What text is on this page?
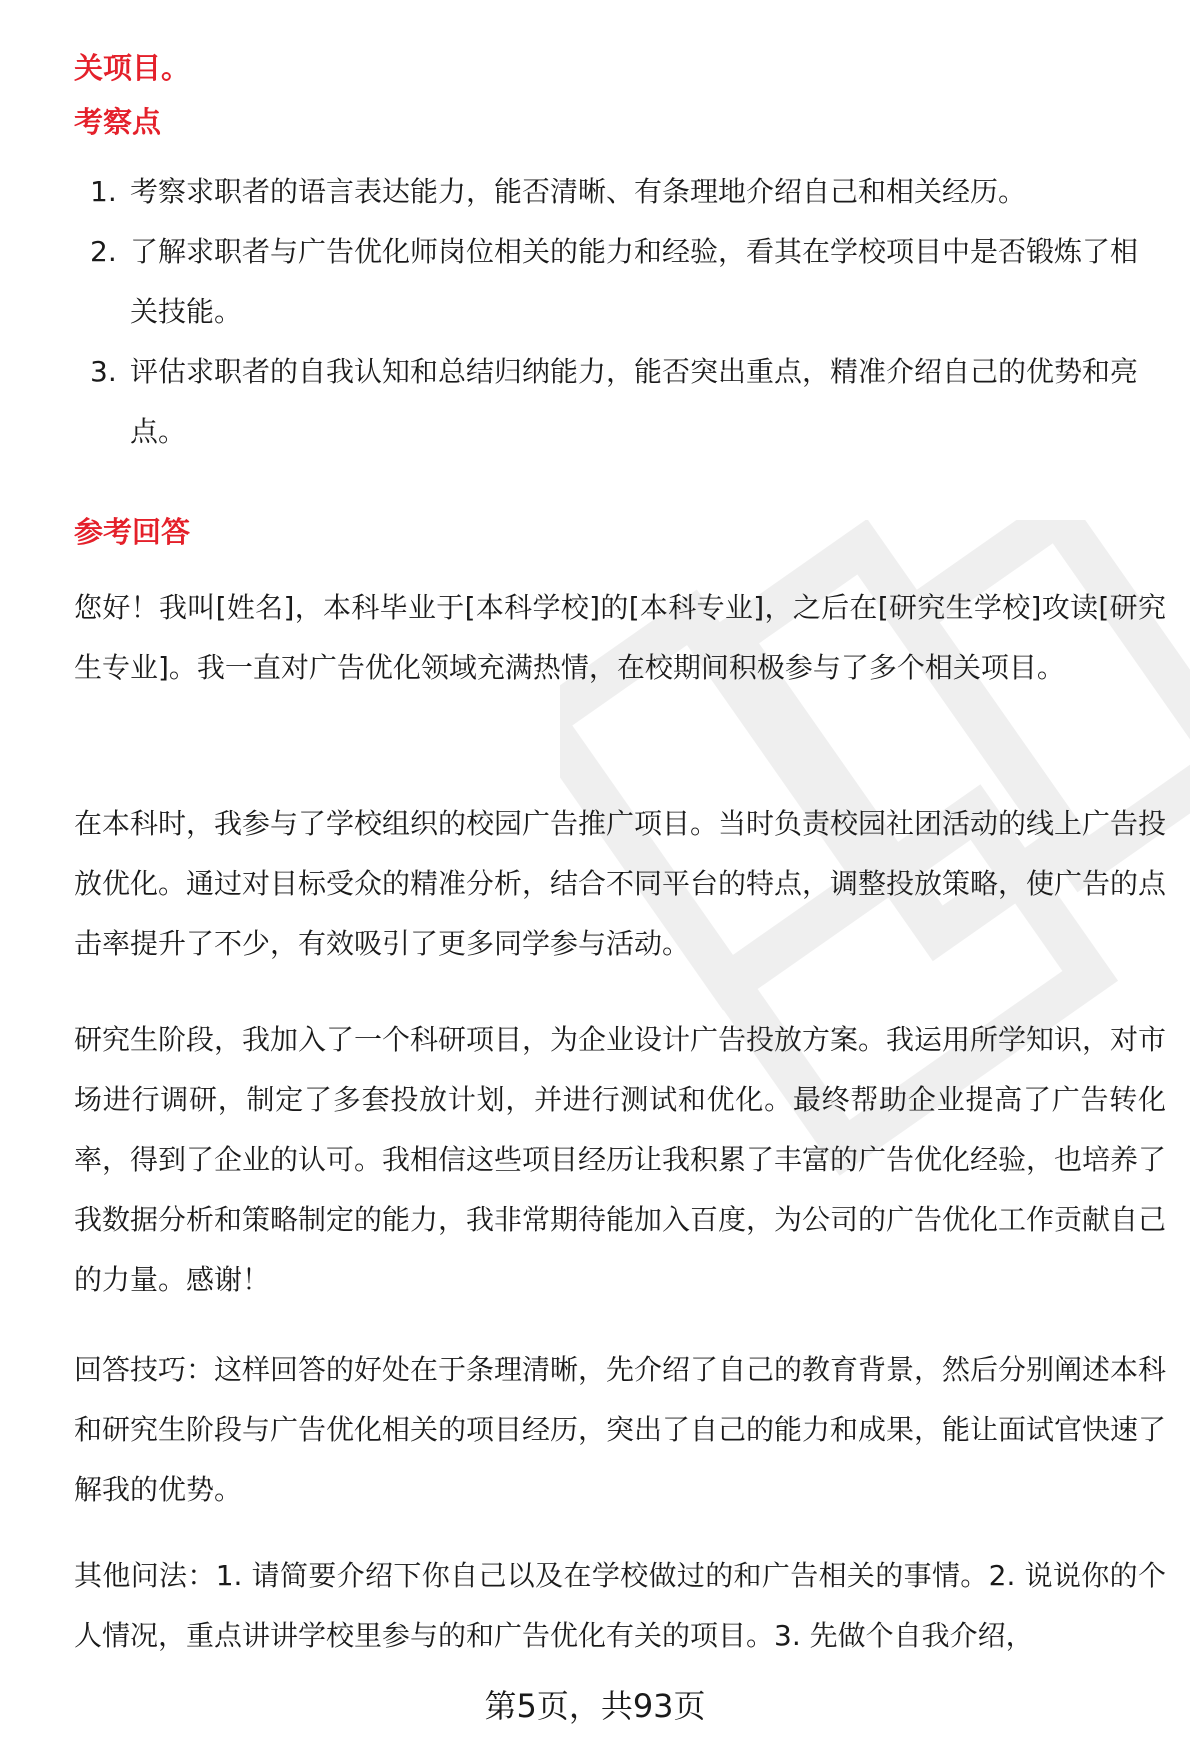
关项目。
考察点
1. 考察求职者的语言表达能力，能否清晰、有条理地介绍自己和相关经历。
2. 了解求职者与广告优化师岗位相关的能力和经验，看其在学校项目中是否锻炼了相关技能。
3. 评估求职者的自我认知和总结归纳能力，能否突出重点，精准介绍自己的优势和亮点。
参考回答

您好！我叫[姓名]，本科毕业于[本科学校]的[本科专业]，之后在[研究生学校]攻读[研究生专业]。我一直对广告优化领域充满热情，在校期间积极参与了多个相关项目。

在本科时，我参与了学校组织的校园广告推广项目。当时负责校园社团活动的线上广告投放优化。通过对目标受众的精准分析，结合不同平台的特点，调整投放策略，使广告的点击率提升了不少，有效吸引了更多同学参与活动。

研究生阶段，我加入了一个科研项目，为企业设计广告投放方案。我运用所学知识，对市场进行调研，制定了多套投放计划，并进行测试和优化。最终帮助企业提高了广告转化率，得到了企业的认可。我相信这些项目经历让我积累了丰富的广告优化经验，也培养了我数据分析和策略制定的能力，我非常期待能加入百度，为公司的广告优化工作贡献自己的力量。感谢！

回答技巧：这样回答的好处在于条理清晰，先介绍了自己的教育背景，然后分别阐述本科和研究生阶段与广告优化相关的项目经历，突出了自己的能力和成果，能让面试官快速了解我的优势。

其他问法：1. 请简要介绍下你自己以及在学校做过的和广告相关的事情。2. 说说你的个人情况，重点讲讲学校里参与的和广告优化有关的项目。3. 先做个自我介绍，

第5页，共93页
